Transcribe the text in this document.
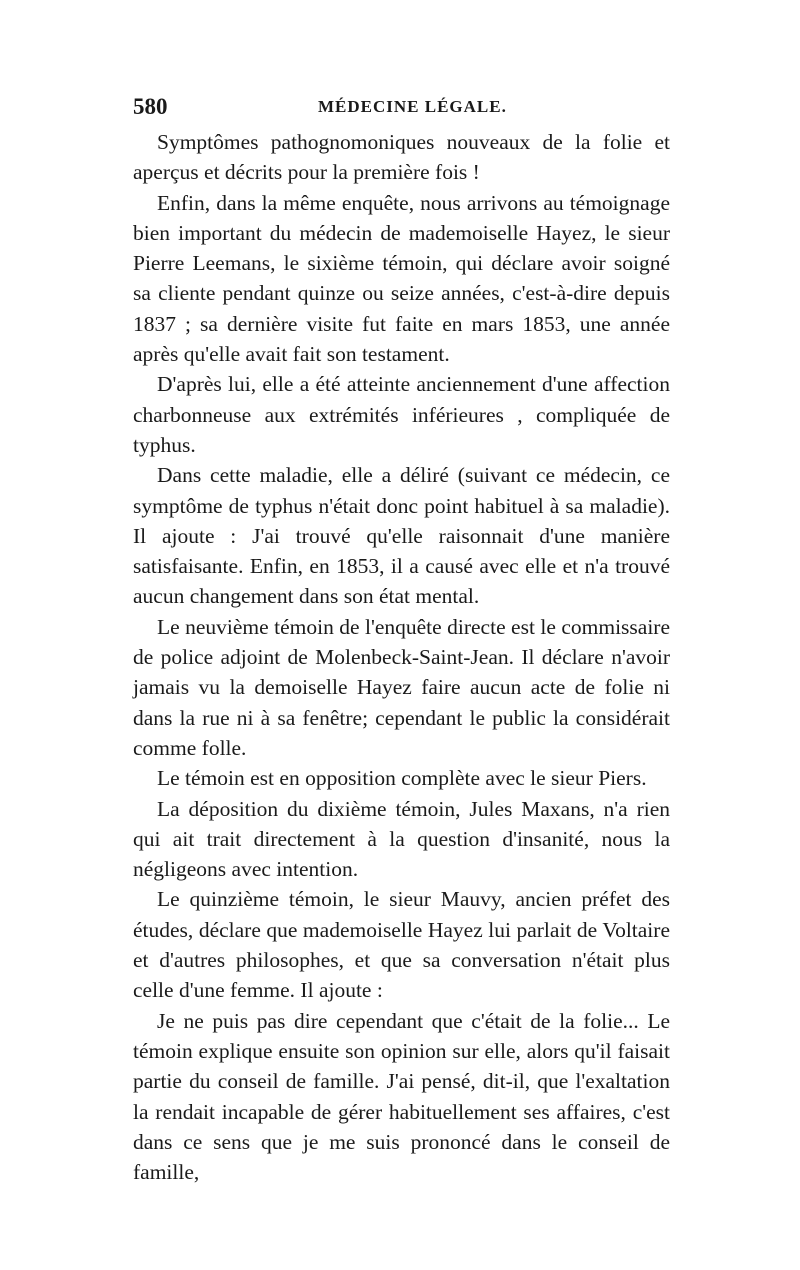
580	MÉDECINE LÉGALE.

Symptômes pathognomoniques nouveaux de la folie et aperçus et décrits pour la première fois !

Enfin, dans la même enquête, nous arrivons au témoignage bien important du médecin de mademoiselle Hayez, le sieur Pierre Leemans, le sixième témoin, qui déclare avoir soigné sa cliente pendant quinze ou seize années, c'est-à-dire depuis 1837 ; sa dernière visite fut faite en mars 1853, une année après qu'elle avait fait son testament.

D'après lui, elle a été atteinte anciennement d'une affection charbonneuse aux extrémités inférieures , compliquée de typhus.

Dans cette maladie, elle a déliré (suivant ce médecin, ce symptôme de typhus n'était donc point habituel à sa maladie). Il ajoute : J'ai trouvé qu'elle raisonnait d'une manière satisfaisante. Enfin, en 1853, il a causé avec elle et n'a trouvé aucun changement dans son état mental.

Le neuvième témoin de l'enquête directe est le commissaire de police adjoint de Molenbeck-Saint-Jean. Il déclare n'avoir jamais vu la demoiselle Hayez faire aucun acte de folie ni dans la rue ni à sa fenêtre; cependant le public la considérait comme folle.

Le témoin est en opposition complète avec le sieur Piers.

La déposition du dixième témoin, Jules Maxans, n'a rien qui ait trait directement à la question d'insanité, nous la négligeons avec intention.

Le quinzième témoin, le sieur Mauvy, ancien préfet des études, déclare que mademoiselle Hayez lui parlait de Voltaire et d'autres philosophes, et que sa conversation n'était plus celle d'une femme. Il ajoute :

Je ne puis pas dire cependant que c'était de la folie... Le témoin explique ensuite son opinion sur elle, alors qu'il faisait partie du conseil de famille. J'ai pensé, dit-il, que l'exaltation la rendait incapable de gérer habituellement ses affaires, c'est dans ce sens que je me suis prononcé dans le conseil de famille,
